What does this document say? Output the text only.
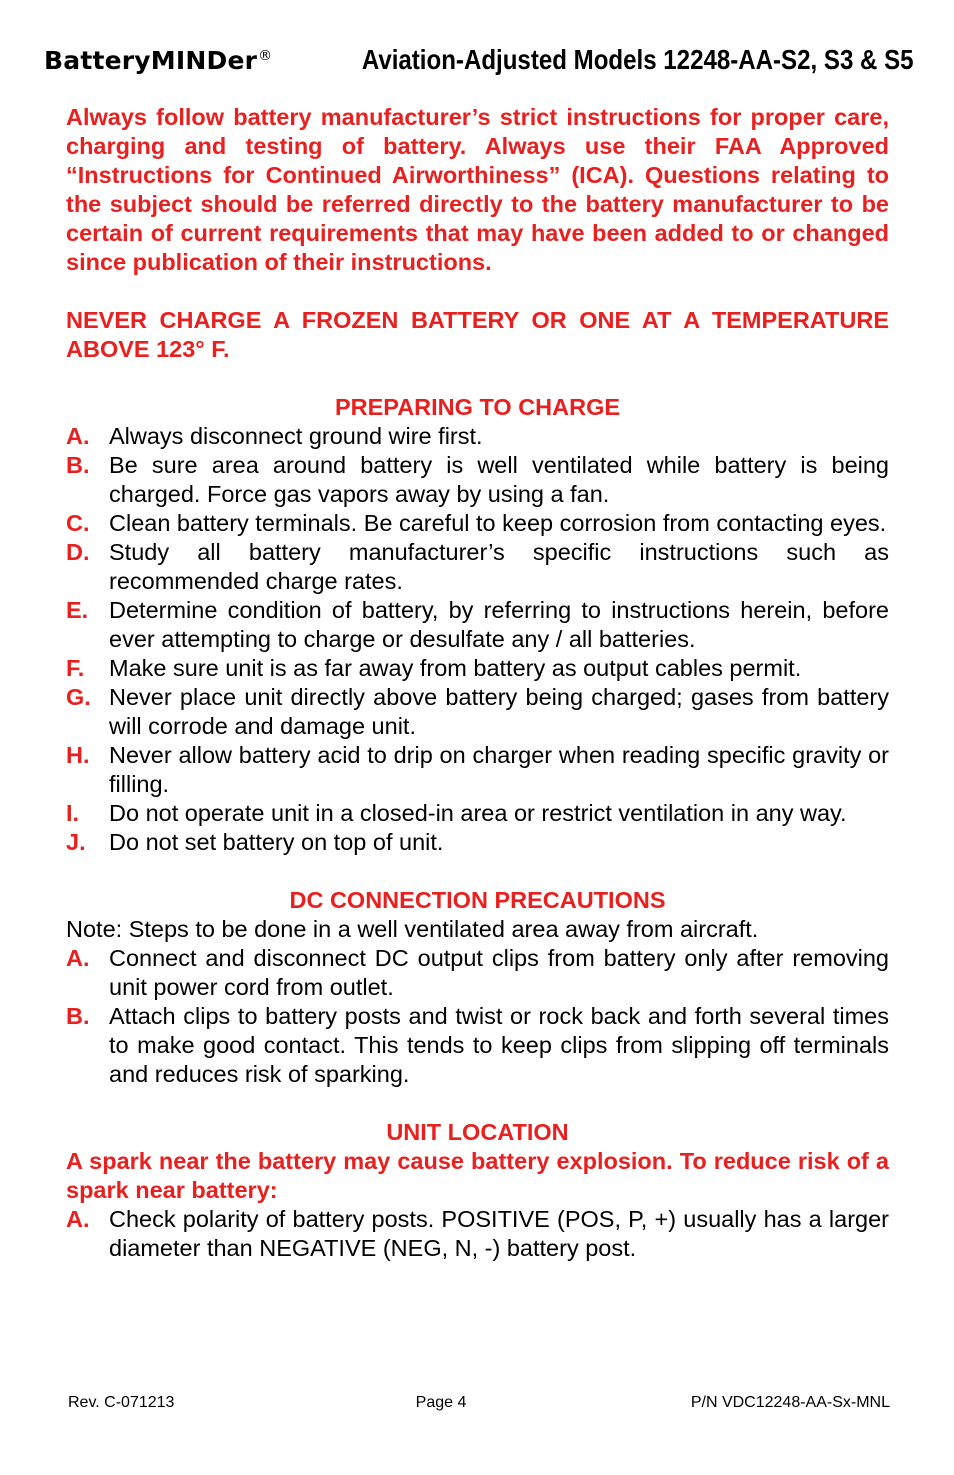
BatteryMINDer®	Aviation-Adjusted Models 12248-AA-S2, S3 & S5

Always follow battery manufacturer’s strict instructions for proper care, charging and testing of battery. Always use their FAA Approved “Instructions for Continued Airworthiness” (ICA). Questions relating to the subject should be referred directly to the battery manufacturer to be certain of current requirements that may have been added to or changed since publication of their instructions.

NEVER CHARGE A FROZEN BATTERY OR ONE AT A TEMPERATURE

ABOVE 123° F.

PREPARING TO CHARGE

A. Always disconnect ground wire first.
B. Be sure area around battery is well ventilated while battery is being charged. Force gas vapors away by using a fan.
C. Clean battery terminals. Be careful to keep corrosion from contacting eyes.
D. Study all battery manufacturer’s specific instructions such as recommended charge rates.
E. Determine condition of battery, by referring to instructions herein, before ever attempting to charge or desulfate any / all batteries.
F.	Make sure unit is as far away from battery as output cables permit.
G. Never place unit directly above battery being charged; gases from battery will corrode and damage unit.
H. Never allow battery acid to drip on charger when reading specific gravity or filling.
I.	Do not operate unit in a closed-in area or restrict ventilation in any way.
J. Do not set battery on top of unit.

DC CONNECTION PRECAUTIONS

Note: Steps to be done in a well ventilated area away from aircraft.

A. Connect and disconnect DC output clips from battery only after removing unit power cord from outlet.
B. Attach clips to battery posts and twist or rock back and forth several times to make good contact. This tends to keep clips from slipping off terminals and reduces risk of sparking.

UNIT LOCATION

A spark near the battery may cause battery explosion. To reduce risk of a spark near battery:

A. Check polarity of battery posts. POSITIVE (POS, P, +) usually has a larger diameter than NEGATIVE (NEG, N, -) battery post.
Rev. C-071213	Page 4	P/N VDC12248-AA-Sx-MNL
